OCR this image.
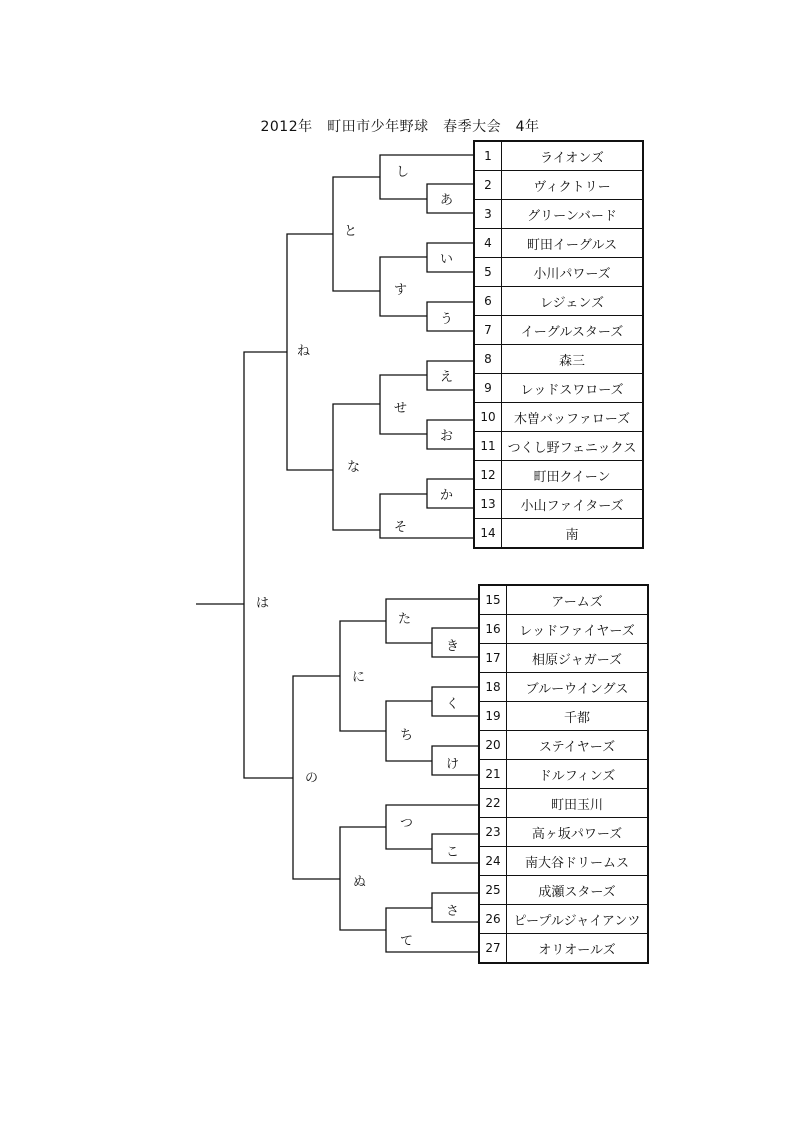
2012年　町田市少年野球　春季大会　4年
し
あ
と
い
す
う
ね
え
せ
お
な
か
そ
は
た
き
に
く
ち
け
の
つ
こ
ぬ
さ
て
1	ライオンズ
2	ヴィクトリー
3	グリーンバード
4	町田イーグルス
5	小川パワーズ
6	レジェンズ
7	イーグルスターズ
8	森三
9	レッドスワローズ
10	木曽バッファローズ
11	つくし野フェニックス
12	町田クイーン
13	小山ファイターズ
14	南
15	アームズ
16	レッドファイヤーズ
17	相原ジャガーズ
18	ブルーウイングス
19	千都
20	ステイヤーズ
21	ドルフィンズ
22	町田玉川
23	高ヶ坂パワーズ
24	南大谷ドリームス
25	成瀬スターズ
26	ピープルジャイアンツ
27	オリオールズ
